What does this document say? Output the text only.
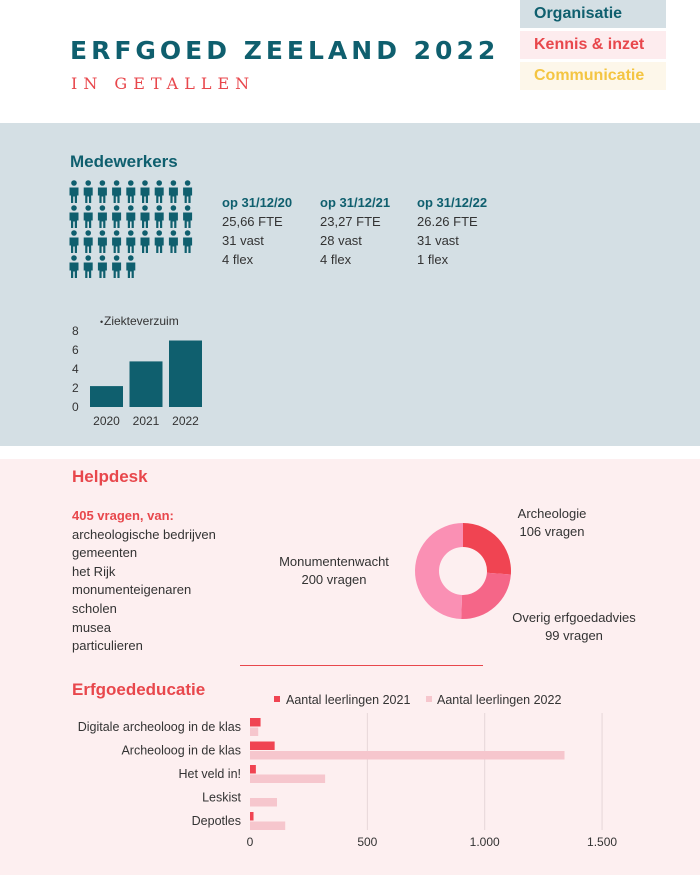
ERFGOED ZEELAND 2022
IN GETALLEN
Organisatie
Kennis & inzet
Communicatie
Medewerkers
op 31/12/20
25,66 FTE
31 vast
4 flex
op 31/12/21
23,27 FTE
28 vast
4 flex
op 31/12/22
26.26 FTE
31 vast
1 flex
• Ziekteverzuim
0
2
4
6
8
2020 2021 2022
Helpdesk
405 vragen, van:
archeologische bedrijven
gemeenten
het Rijk
monumenteigenaren
scholen
musea
particulieren
Archeologie
106 vragen
Monumentenwacht
200 vragen
Overig erfgoedadvies
99 vragen
Erfgoededucatie
Aantal leerlingen 2021 Aantal leerlingen 2022
0	500	1.000	1.500
Digitale archeoloog in de klas
Archeoloog in de klas
Het veld in!
Leskist
Depotles
